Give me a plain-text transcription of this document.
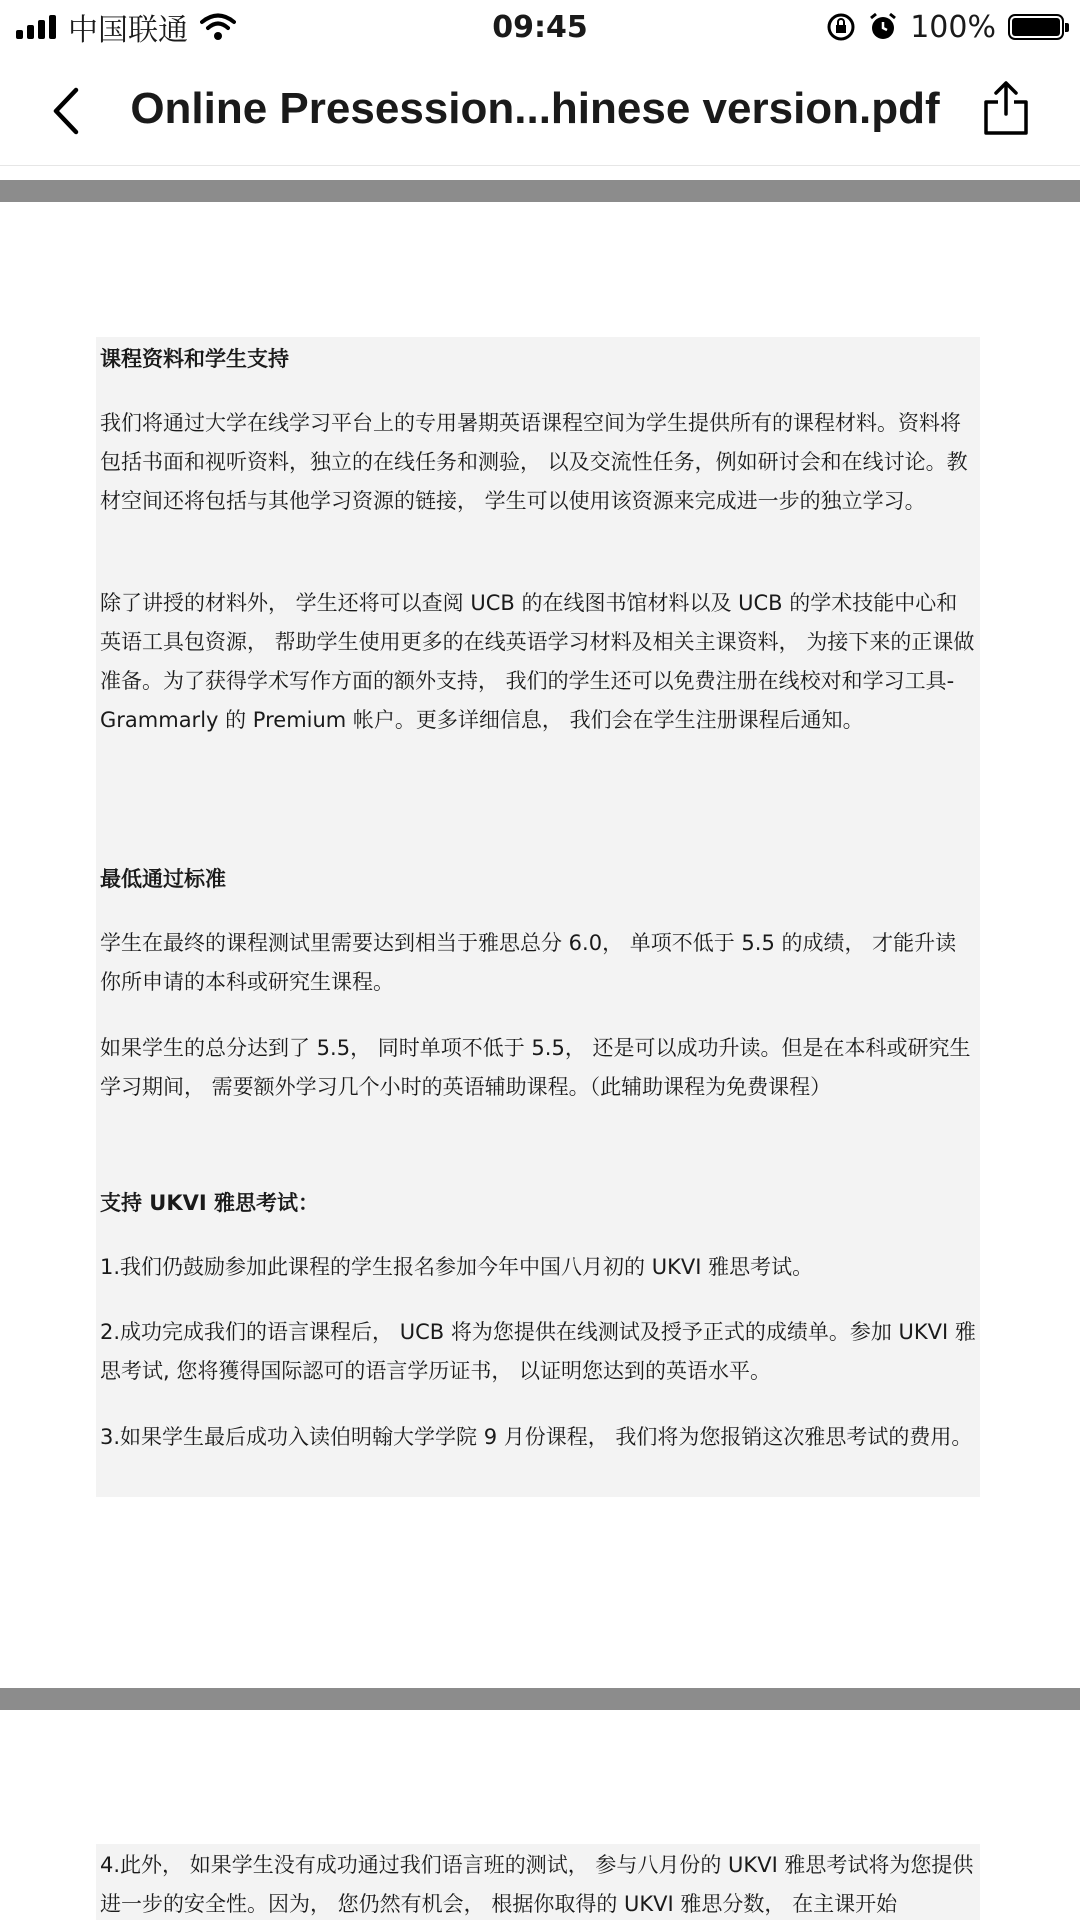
中国联通	09:45	100%
Online Presession...hinese version.pdf
课程资料和学生支持
我们将通过大学在线学习平台上的专用暑期英语课程空间为学生提供所有的课程材料。资料将包括书面和视听资料，独立的在线任务和测验， 以及交流性任务，例如研讨会和在线讨论。教材空间还将包括与其他学习资源的链接， 学生可以使用该资源来完成进一步的独立学习。
除了讲授的材料外， 学生还将可以查阅 UCB 的在线图书馆材料以及 UCB 的学术技能中心和英语工具包资源， 帮助学生使用更多的在线英语学习材料及相关主课资料， 为接下来的正课做准备。为了获得学术写作方面的额外支持， 我们的学生还可以免费注册在线校对和学习工具-Grammarly 的 Premium 帐户。更多详细信息， 我们会在学生注册课程后通知。
最低通过标准
学生在最终的课程测试里需要达到相当于雅思总分 6.0， 单项不低于 5.5 的成绩， 才能升读你所申请的本科或研究生课程。
如果学生的总分达到了 5.5， 同时单项不低于 5.5， 还是可以成功升读。但是在本科或研究生学习期间， 需要额外学习几个小时的英语辅助课程。（此辅助课程为免费课程）
支持 UKVI 雅思考试：
1.我们仍鼓励参加此课程的学生报名参加今年中国八月初的 UKVI 雅思考试。
2.成功完成我们的语言课程后， UCB 将为您提供在线测试及授予正式的成绩单。参加 UKVI 雅思考试, 您将獲得国际認可的语言学历证书， 以证明您达到的英语水平。
3.如果学生最后成功入读伯明翰大学学院 9 月份课程， 我们将为您报销这次雅思考试的费用。
4.此外， 如果学生没有成功通过我们语言班的测试， 参与八月份的 UKVI 雅思考试将为您提供进一步的安全性。因为， 您仍然有机会， 根据你取得的 UKVI 雅思分数， 在主课开始
